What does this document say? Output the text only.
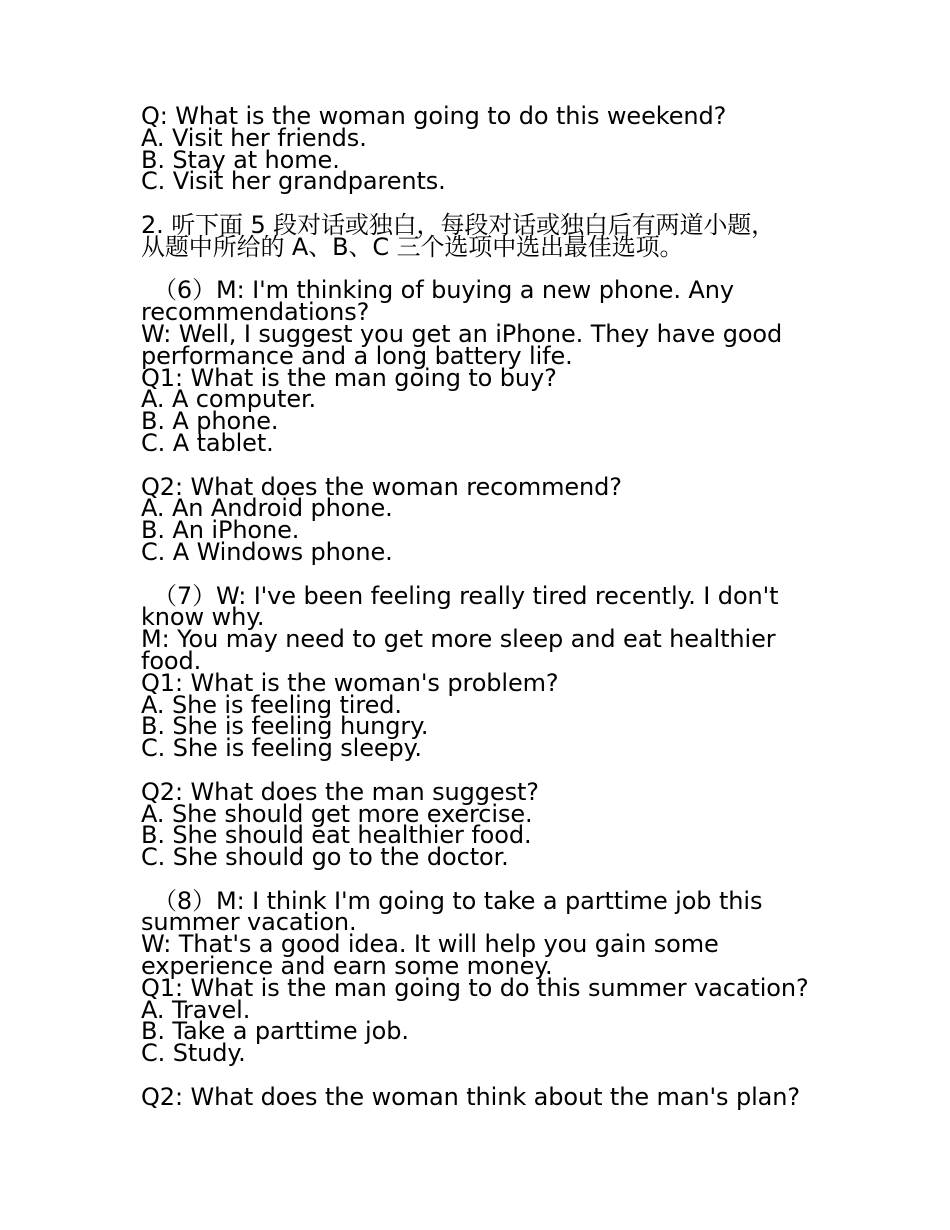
Q: What is the woman going to do this weekend?
A. Visit her friends.
B. Stay at home.
C. Visit her grandparents.
2. 听下面 5 段对话或独白，每段对话或独白后有两道小题，
从题中所给的 A、B、C 三个选项中选出最佳选项。
（6）M: I'm thinking of buying a new phone. Any
recommendations?
W: Well, I suggest you get an iPhone. They have good
performance and a long battery life.
Q1: What is the man going to buy?
A. A computer.
B. A phone.
C. A tablet.
Q2: What does the woman recommend?
A. An Android phone.
B. An iPhone.
C. A Windows phone.
（7）W: I've been feeling really tired recently. I don't
know why.
M: You may need to get more sleep and eat healthier
food.
Q1: What is the woman's problem?
A. She is feeling tired.
B. She is feeling hungry.
C. She is feeling sleepy.
Q2: What does the man suggest?
A. She should get more exercise.
B. She should eat healthier food.
C. She should go to the doctor.
（8）M: I think I'm going to take a parttime job this
summer vacation.
W: That's a good idea. It will help you gain some
experience and earn some money.
Q1: What is the man going to do this summer vacation?
A. Travel.
B. Take a parttime job.
C. Study.
Q2: What does the woman think about the man's plan?
